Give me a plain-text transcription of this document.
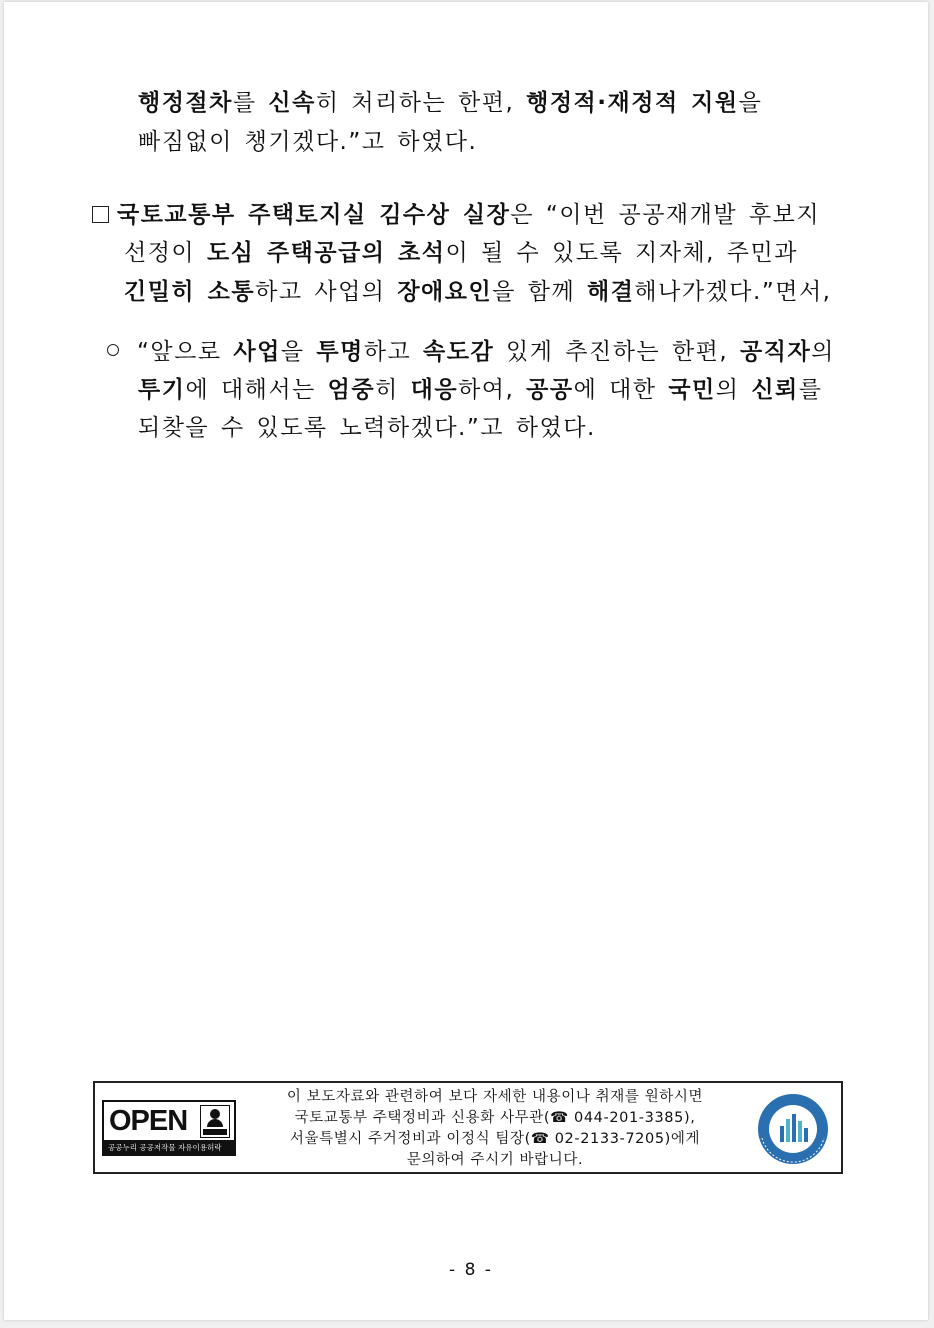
행정절차를 신속히 처리하는 한편, 행정적·재정적 지원을
빠짐없이 챙기겠다.”고 하였다.
국토교통부 주택토지실 김수상 실장은 “이번 공공재개발 후보지
선정이 도심 주택공급의 초석이 될 수 있도록 지자체, 주민과
긴밀히 소통하고 사업의 장애요인을 함께 해결해나가겠다.”면서,
“앞으로 사업을 투명하고 속도감 있게 추진하는 한편, 공직자의
투기에 대해서는 엄중히 대응하여, 공공에 대한 국민의 신뢰를
되찾을 수 있도록 노력하겠다.”고 하였다.
OPEN
공공누리 공공저작물 자유이용허락
이 보도자료와 관련하여 보다 자세한 내용이나 취재를 원하시면
국토교통부 주택정비과 신용화 사무관(☎ 044-201-3385),
서울특별시 주거정비과 이정식 팀장(☎ 02-2133-7205)에게
문의하여 주시기 바랍니다.
- 8 -
